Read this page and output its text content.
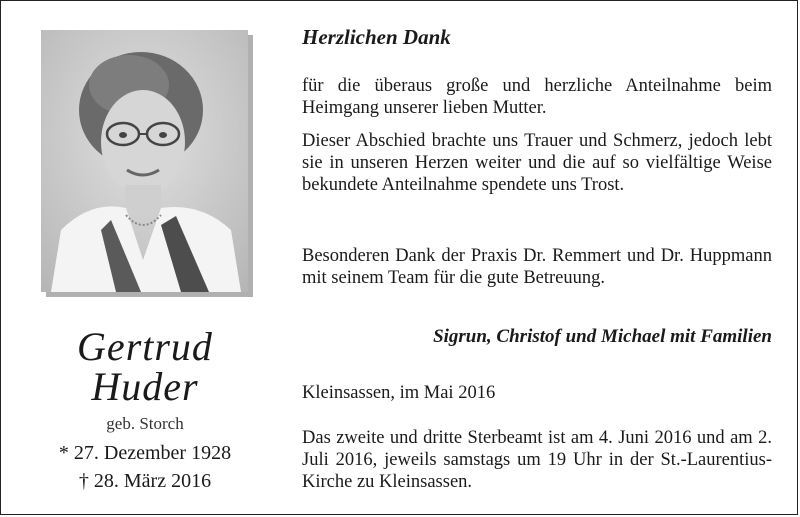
Gertrud
Huder
geb. Storch
* 27. Dezember 1928
† 28. März 2016
Herzlichen Dank
für die überaus große und herzliche Anteilnahme beim Heimgang unserer lieben Mutter.
Dieser Abschied brachte uns Trauer und Schmerz, jedoch lebt sie in unseren Herzen weiter und die auf so vielfältige Weise bekundete Anteilnahme spendete uns Trost.
Besonderen Dank der Praxis Dr. Remmert und Dr. Huppmann mit seinem Team für die gute Betreuung.
Sigrun, Christof und Michael mit Familien
Kleinsassen, im Mai 2016
Das zweite und dritte Sterbeamt ist am 4. Juni 2016 und am 2. Juli 2016, jeweils samstags um 19 Uhr in der St.-Laurentius-Kirche zu Kleinsassen.
